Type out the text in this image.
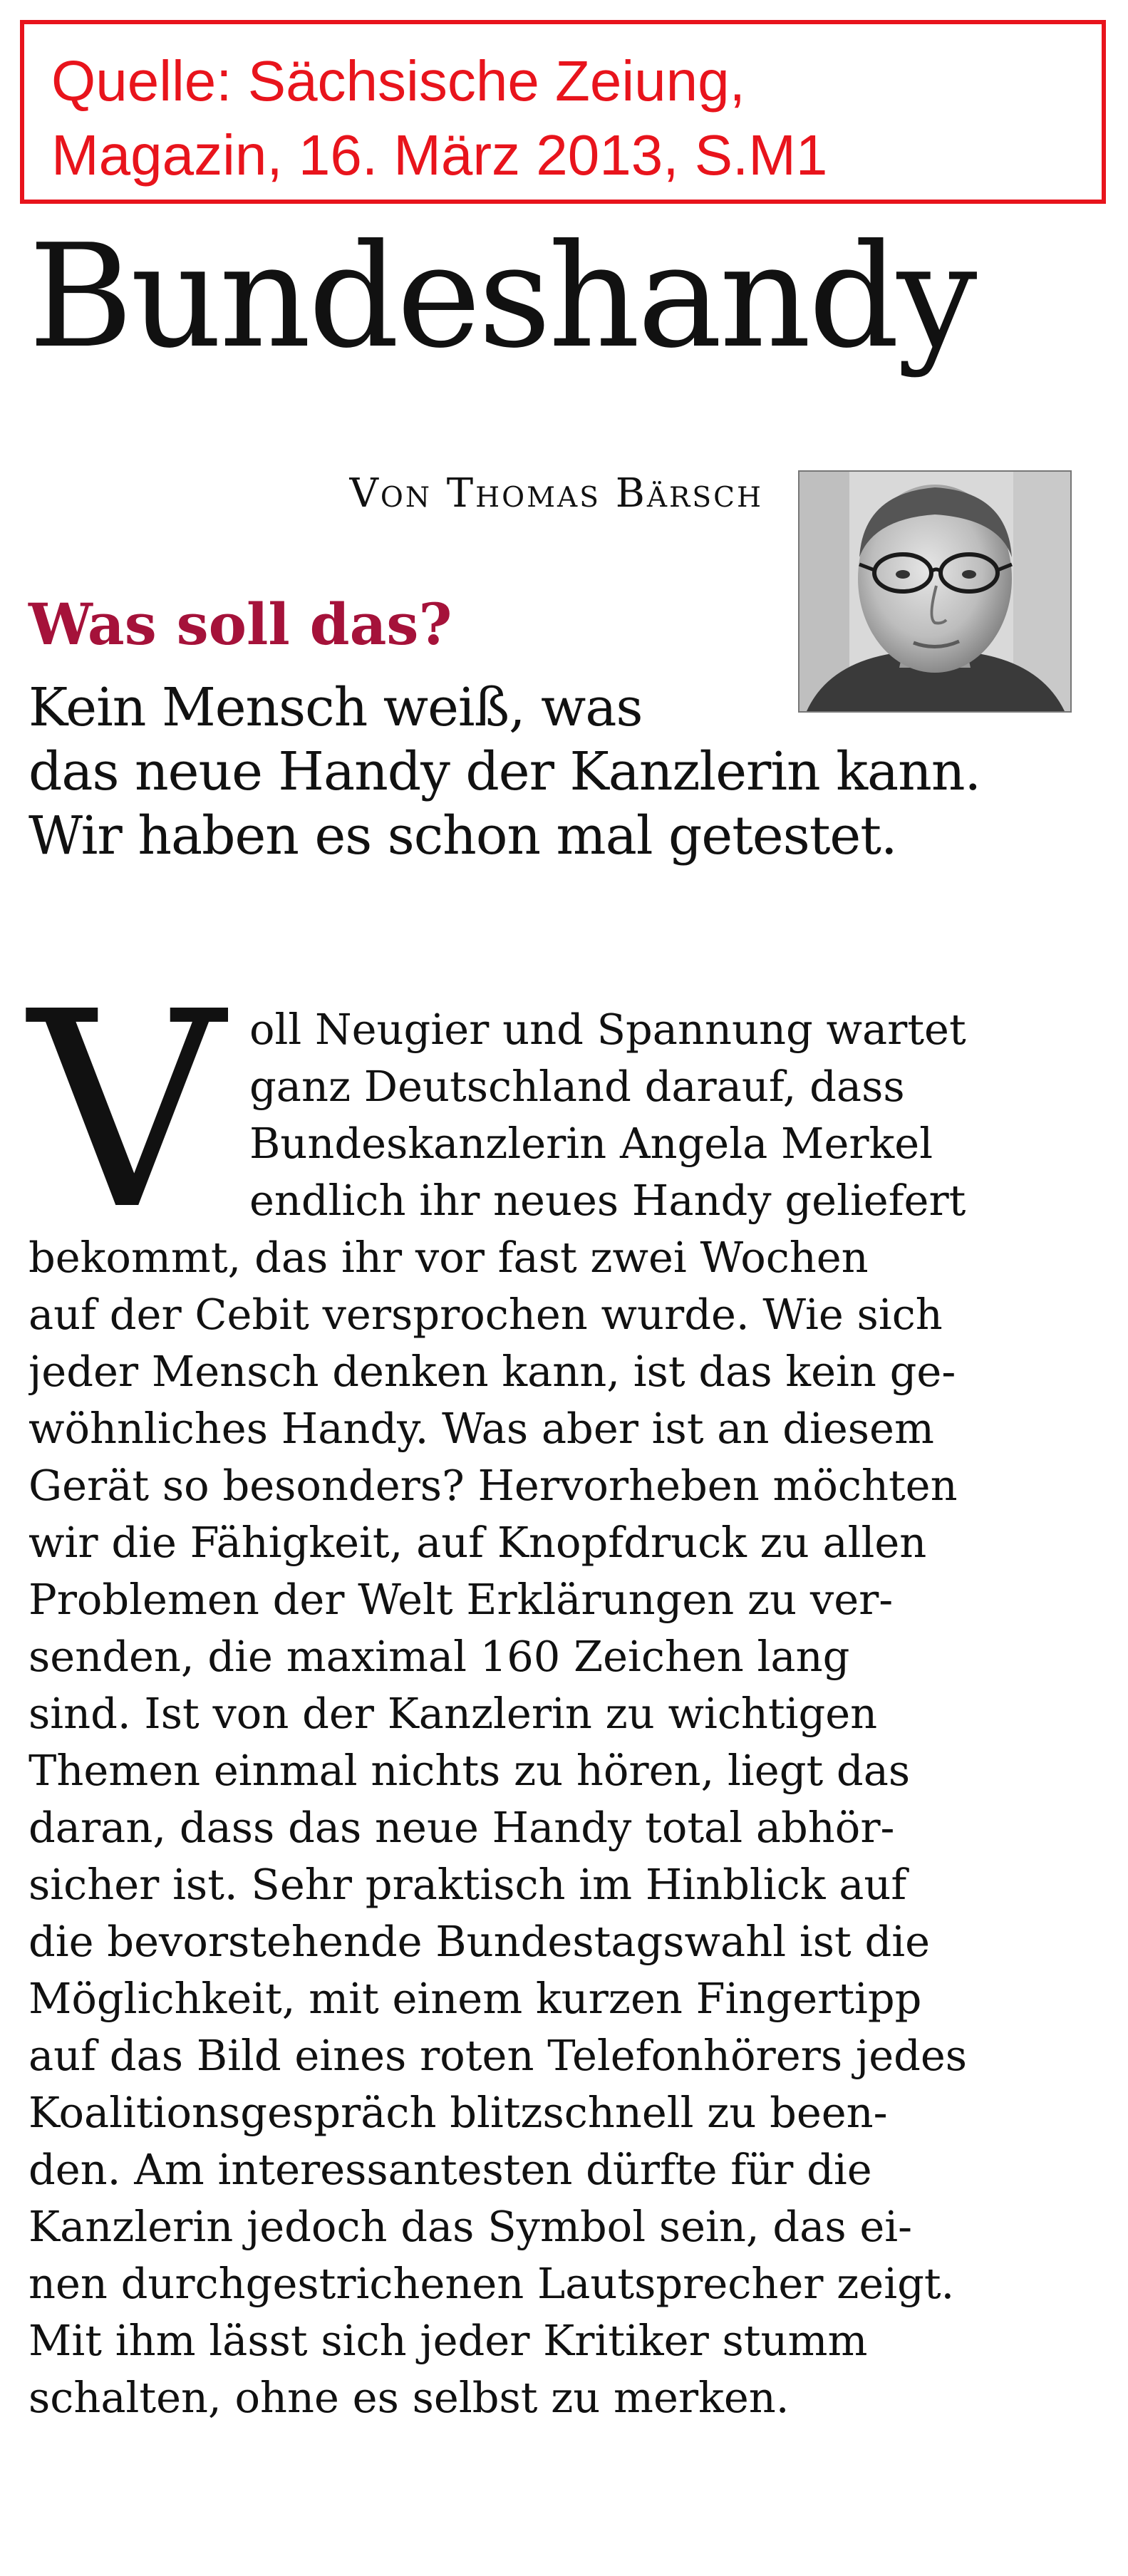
Quelle: Sächsische Zeiung,
Magazin, 16. März 2013, S.M1
Bundeshandy
Von Thomas Bärsch
Was soll das?
Kein Mensch weiß, was
das neue Handy der Kanzlerin kann.
Wir haben es schon mal getestet.
V oll Neugier und Spannung wartet
ganz Deutschland darauf, dass
Bundeskanzlerin Angela Merkel
endlich ihr neues Handy geliefert
bekommt, das ihr vor fast zwei Wochen
auf der Cebit versprochen wurde. Wie sich
jeder Mensch denken kann, ist das kein ge-
wöhnliches Handy. Was aber ist an diesem
Gerät so besonders? Hervorheben möchten
wir die Fähigkeit, auf Knopfdruck zu allen
Problemen der Welt Erklärungen zu ver-
senden, die maximal 160 Zeichen lang
sind. Ist von der Kanzlerin zu wichtigen
Themen einmal nichts zu hören, liegt das
daran, dass das neue Handy total abhör-
sicher ist. Sehr praktisch im Hinblick auf
die bevorstehende Bundestagswahl ist die
Möglichkeit, mit einem kurzen Fingertipp
auf das Bild eines roten Telefonhörers jedes
Koalitionsgespräch blitzschnell zu been-
den. Am interessantesten dürfte für die
Kanzlerin jedoch das Symbol sein, das ei-
nen durchgestrichenen Lautsprecher zeigt.
Mit ihm lässt sich jeder Kritiker stumm
schalten, ohne es selbst zu merken.
